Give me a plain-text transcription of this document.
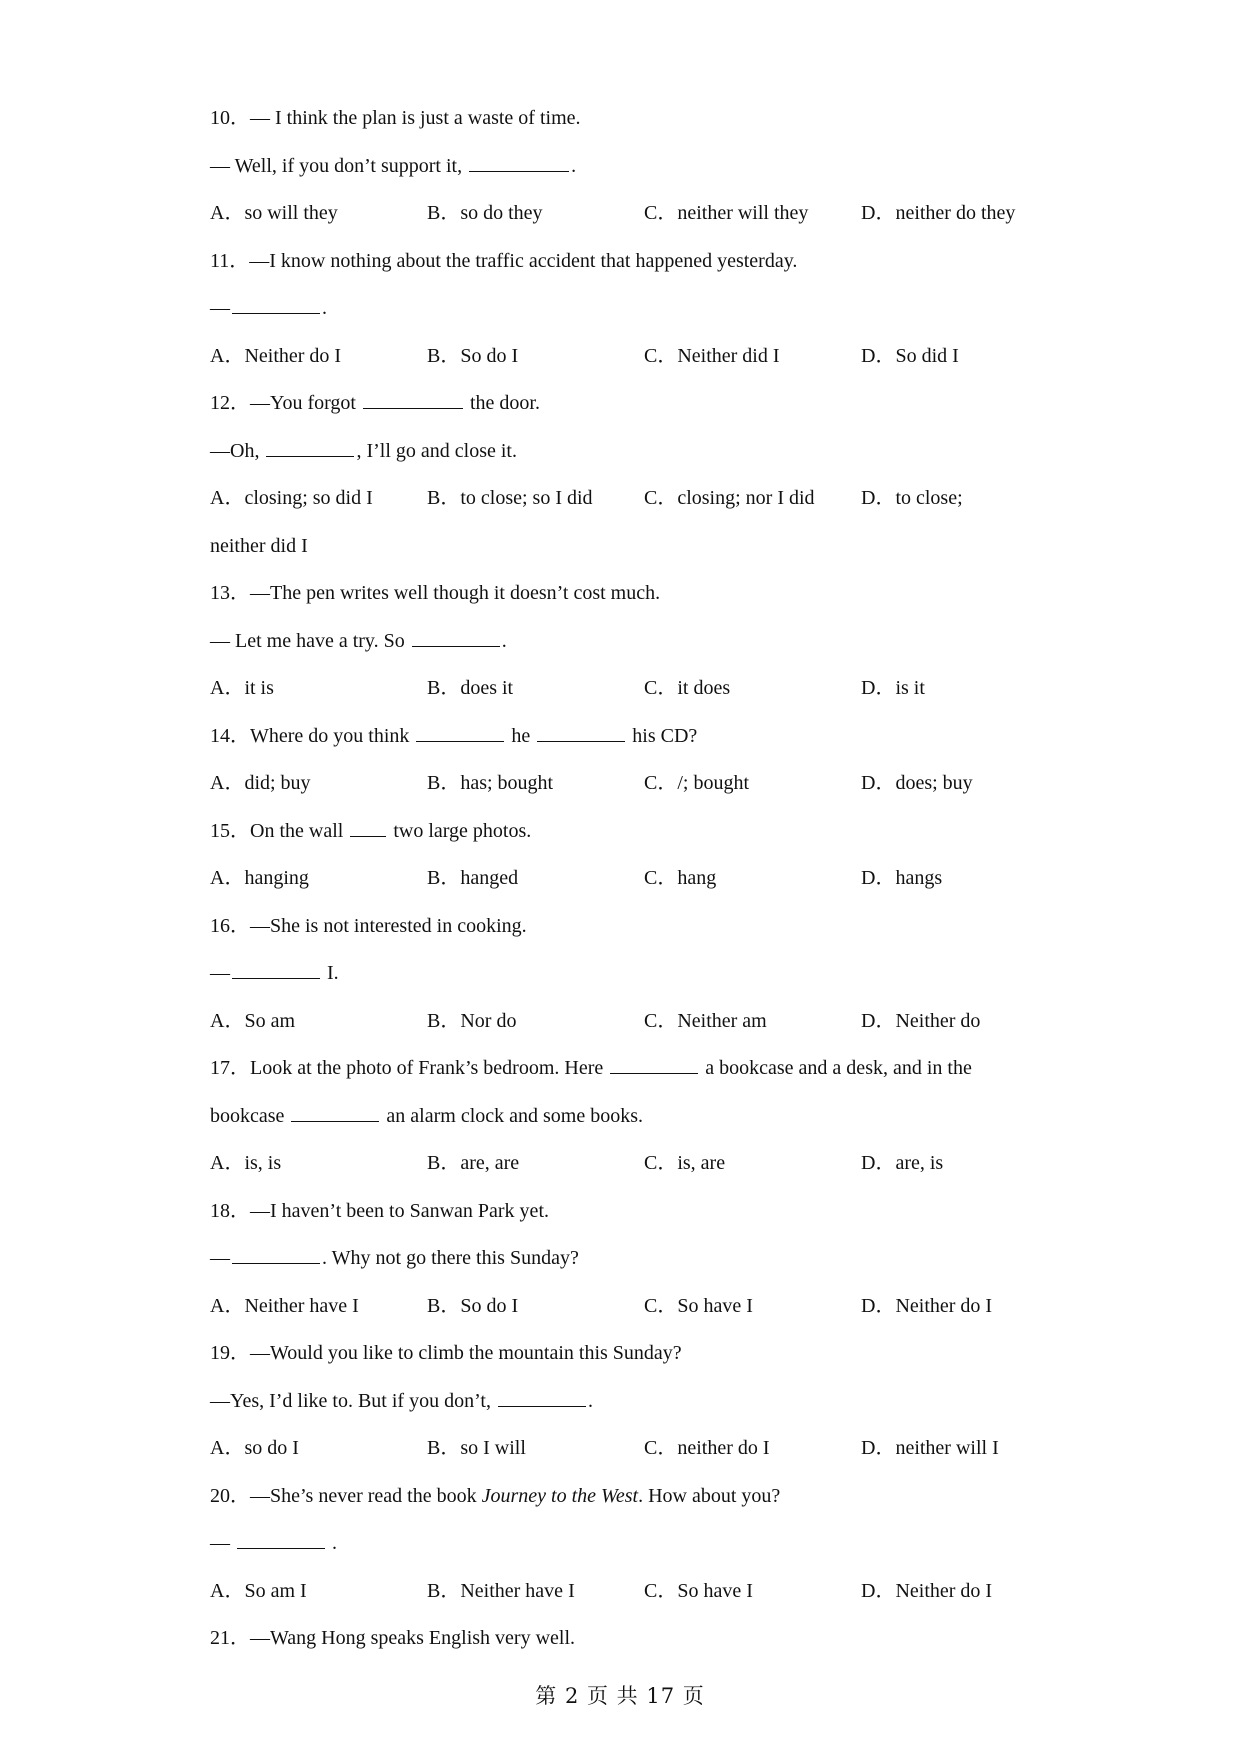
10．— I think the plan is just a waste of time.
— Well, if you don’t support it,	.
A．so will they	B．so do they	C．neither will they	D．neither do they
11．—I know nothing about the traffic accident that happened yesterday.
—	.
A．Neither do I	B．So do I	C．Neither did I	D．So did I
12．—You forgot	the door.
—Oh,	, I’ll go and close it.
A．closing; so did I	B．to close; so I did	C．closing; nor I did	D．to close;
neither did I
13．—The pen writes well though it doesn’t cost much.
— Let me have a try. So	.
A．it is	B．does it	C．it does	D．is it
14．Where do you think	he	his CD?
A．did; buy	B．has; bought	C．/; bought	D．does; buy
15．On the wall  two large photos.
A．hanging	B．hanged	C．hang	D．hangs
16．—She is not interested in cooking.
—	I.
A．So am	B．Nor do	C．Neither am	D．Neither do
17．Look at the photo of Frank’s bedroom. Here	a bookcase and a desk, and in the
bookcase	an alarm clock and some books.
A．is, is	B．are, are	C．is, are	D．are, is
18．—I haven’t been to Sanwan Park yet.
—	. Why not go there this Sunday?
A．Neither have I	B．So do I	C．So have I	D．Neither do I
19．—Would you like to climb the mountain this Sunday?
—Yes, I’d like to. But if you don’t,	.
A．so do I	B．so I will	C．neither do I	D．neither will I
20．—She’s never read the book Journey to the West. How about you?
—	.
A．So am I	B．Neither have I	C．So have I	D．Neither do I
21．—Wang Hong speaks English very well.
第 2 页 共 17 页
